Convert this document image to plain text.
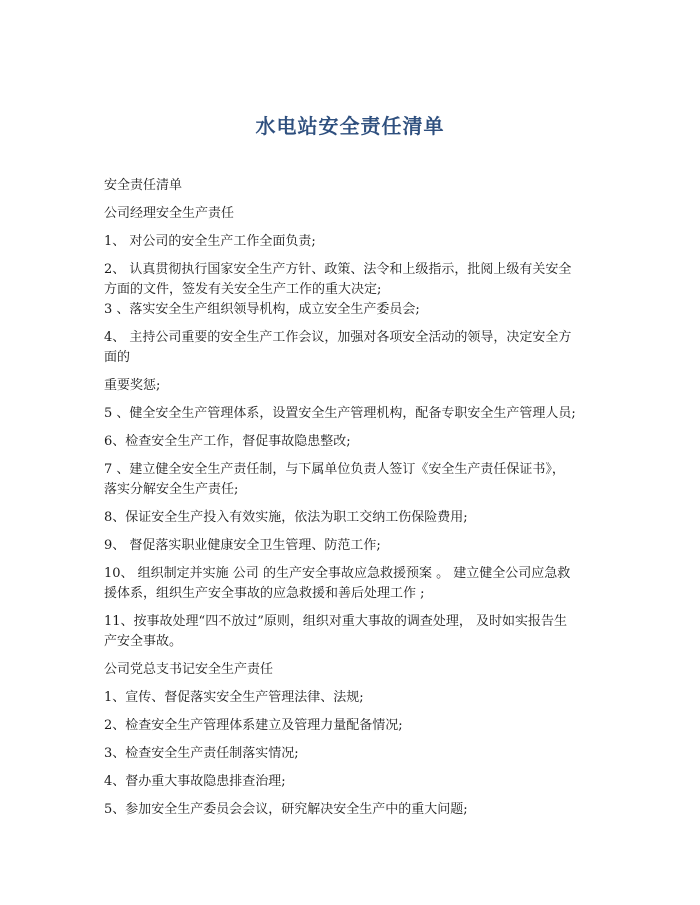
水电站安全责任清单
安全责任清单
公司经理安全生产责任
1、 对公司的安全生产工作全面负责;
2、 认真贯彻执行国家安全生产方针、政策、法令和上级指示，批阅上级有关安全
方面的文件，签发有关安全生产工作的重大决定;
3 、落实安全生产组织领导机构，成立安全生产委员会;
4、 主持公司重要的安全生产工作会议，加强对各项安全活动的领导，决定安全方
面的
重要奖惩;
5 、健全安全生产管理体系，设置安全生产管理机构，配备专职安全生产管理人员;
6、检查安全生产工作，督促事故隐患整改;
7 、建立健全安全生产责任制，与下属单位负责人签订《安全生产责任保证书》，
落实分解安全生产责任;
8、保证安全生产投入有效实施，依法为职工交纳工伤保险费用;
9、 督促落实职业健康安全卫生管理、防范工作;
10、 组织制定并实施 公司 的生产安全事故应急救援预案 。 建立健全公司应急救
援体系，组织生产安全事故的应急救援和善后处理工作 ;
11、按事故处理“四不放过”原则，组织对重大事故的调查处理， 及时如实报告生
产安全事故。
公司党总支书记安全生产责任
1、宣传、督促落实安全生产管理法律、法规;
2、检查安全生产管理体系建立及管理力量配备情况;
3、检查安全生产责任制落实情况;
4、督办重大事故隐患排查治理;
5、参加安全生产委员会会议，研究解决安全生产中的重大问题;
